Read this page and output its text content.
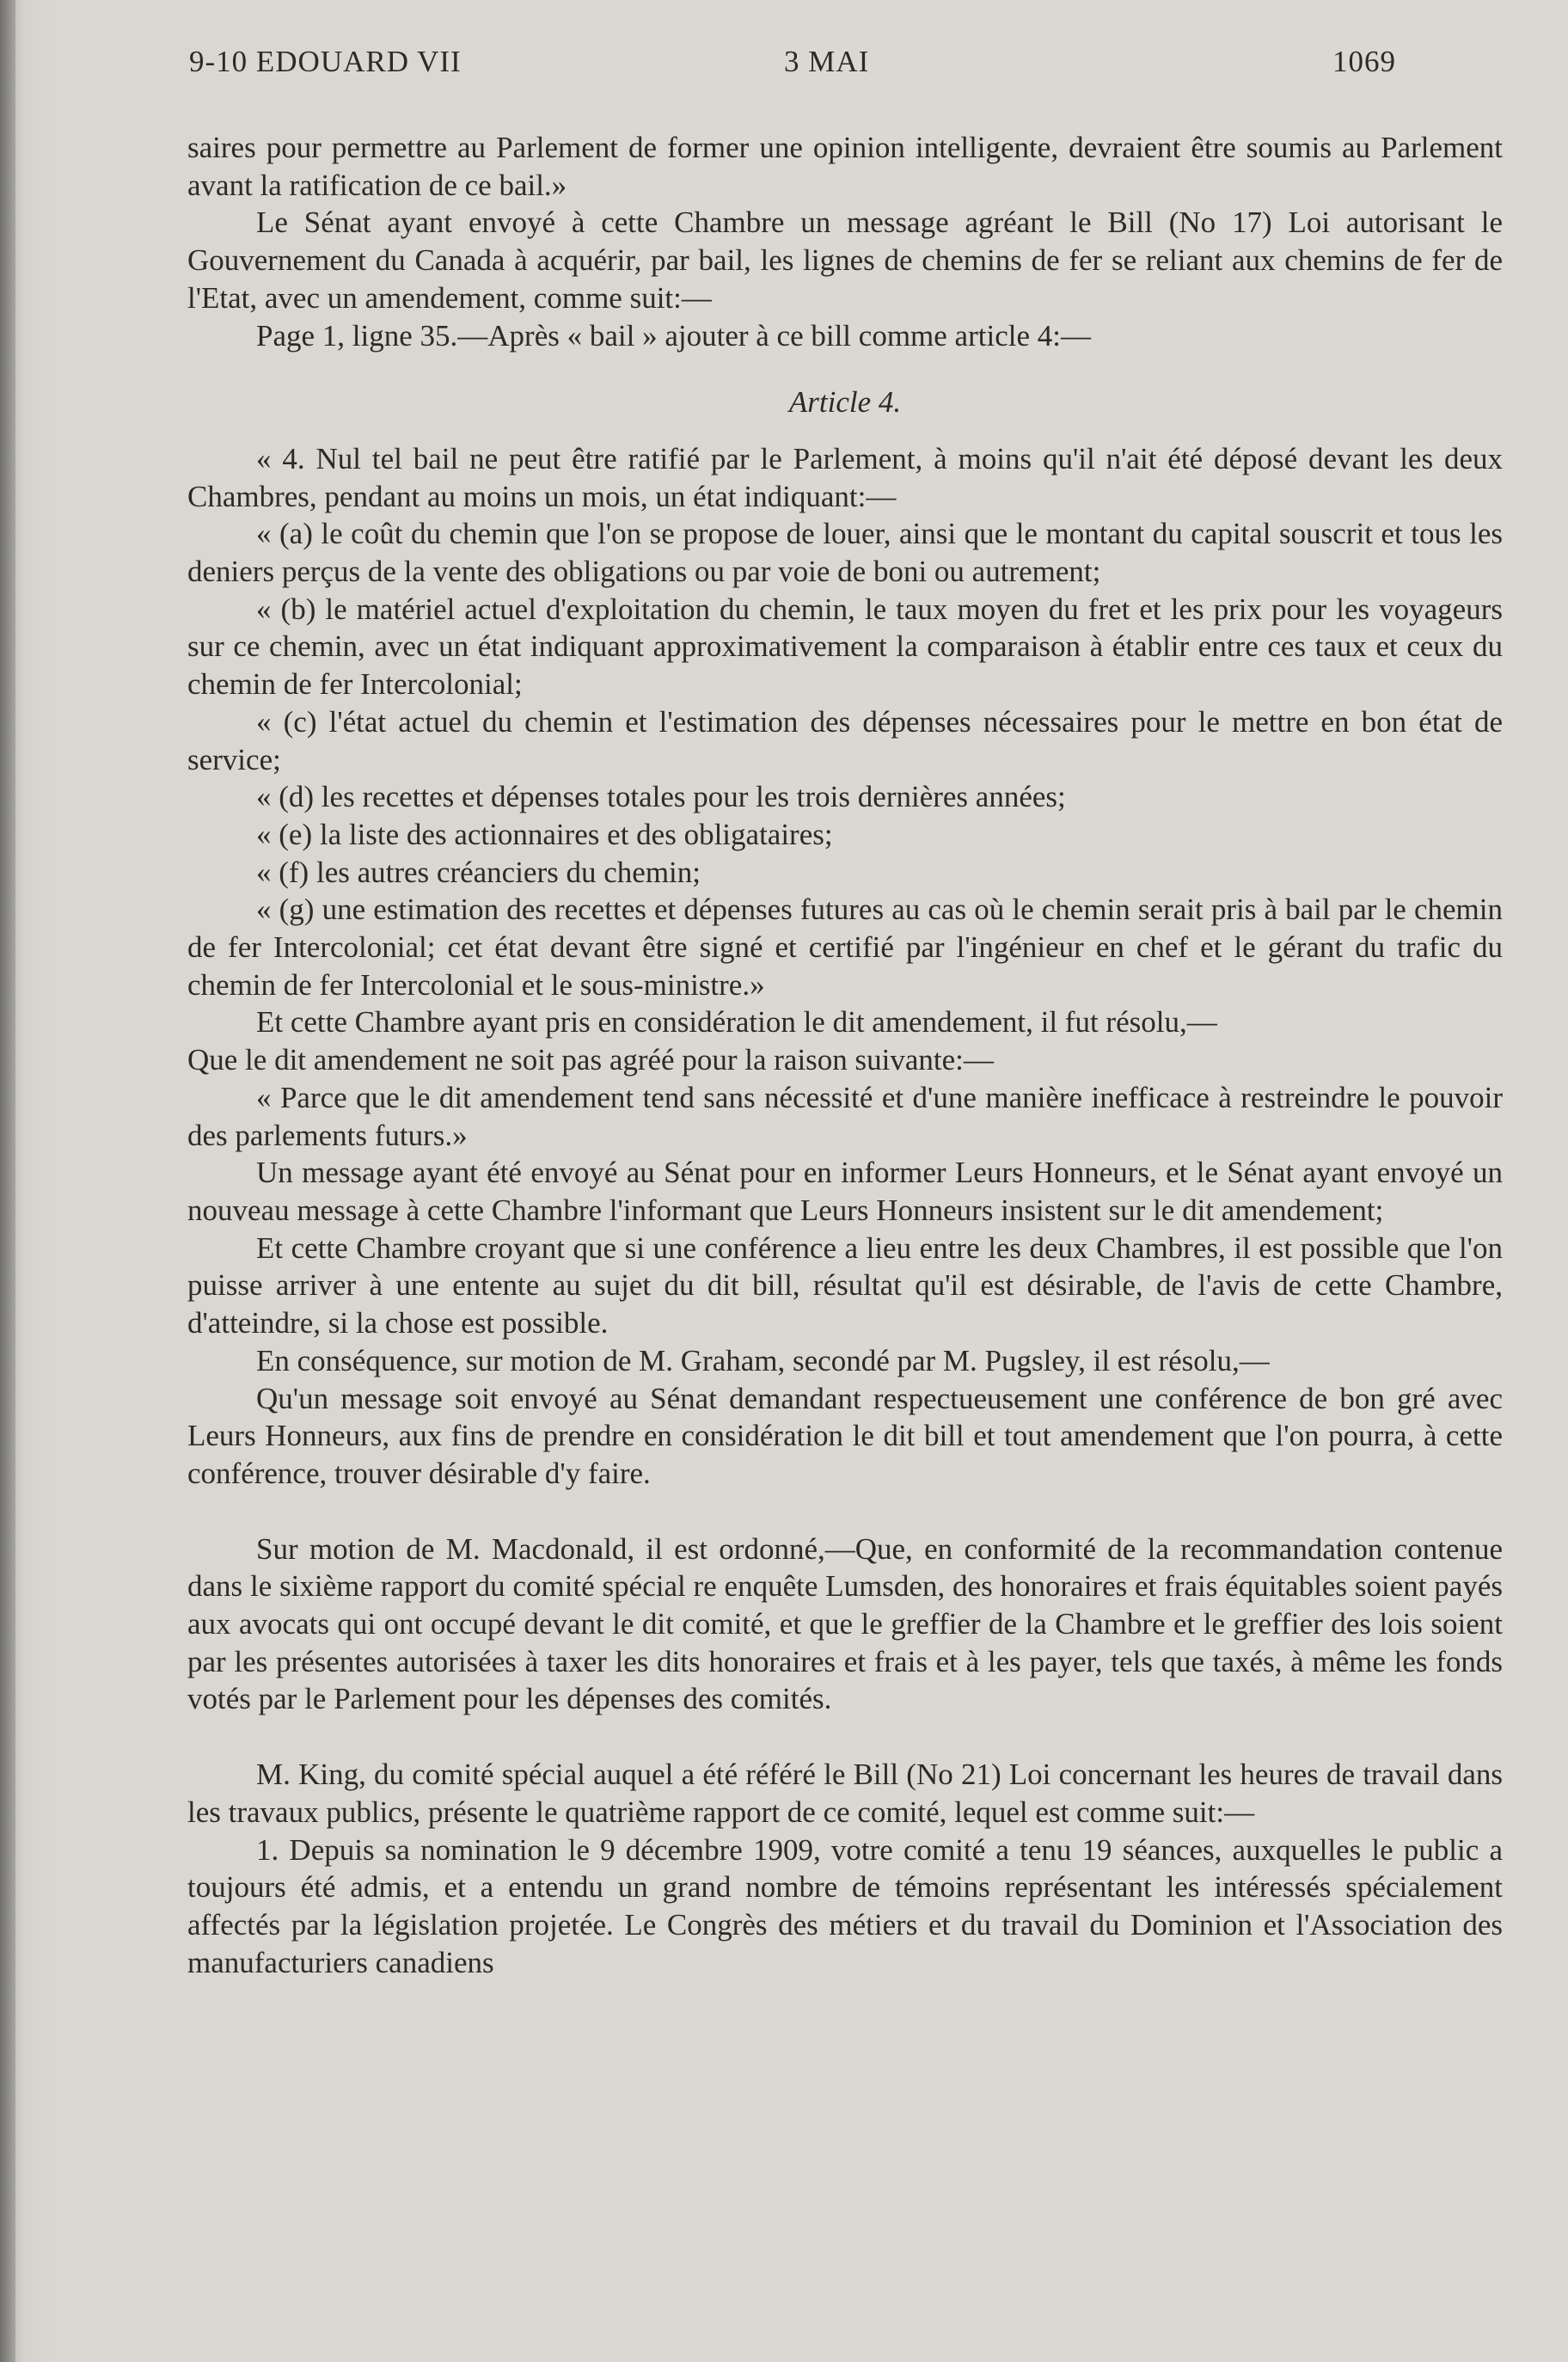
9-10 EDOUARD VII	3 MAI	1069

saires pour permettre au Parlement de former une opinion intelligente, devraient être soumis au Parlement avant la ratification de ce bail.»

Le Sénat ayant envoyé à cette Chambre un message agréant le Bill (No 17) Loi autorisant le Gouvernement du Canada à acquérir, par bail, les lignes de chemins de fer se reliant aux chemins de fer de l'Etat, avec un amendement, comme suit:—

Page 1, ligne 35.—Après « bail » ajouter à ce bill comme article 4:—

Article 4.

« 4. Nul tel bail ne peut être ratifié par le Parlement, à moins qu'il n'ait été déposé devant les deux Chambres, pendant au moins un mois, un état indiquant:—

« (a) le coût du chemin que l'on se propose de louer, ainsi que le montant du capital souscrit et tous les deniers perçus de la vente des obligations ou par voie de boni ou autrement;

« (b) le matériel actuel d'exploitation du chemin, le taux moyen du fret et les prix pour les voyageurs sur ce chemin, avec un état indiquant approximativement la comparaison à établir entre ces taux et ceux du chemin de fer Intercolonial;

« (c) l'état actuel du chemin et l'estimation des dépenses nécessaires pour le mettre en bon état de service;

« (d) les recettes et dépenses totales pour les trois dernières années;

« (e) la liste des actionnaires et des obligataires;

« (f) les autres créanciers du chemin;

« (g) une estimation des recettes et dépenses futures au cas où le chemin serait pris à bail par le chemin de fer Intercolonial; cet état devant être signé et certifié par l'ingénieur en chef et le gérant du trafic du chemin de fer Intercolonial et le sous-ministre.»

Et cette Chambre ayant pris en considération le dit amendement, il fut résolu,—

Que le dit amendement ne soit pas agréé pour la raison suivante:—

« Parce que le dit amendement tend sans nécessité et d'une manière inefficace à restreindre le pouvoir des parlements futurs.»

Un message ayant été envoyé au Sénat pour en informer Leurs Honneurs, et le Sénat ayant envoyé un nouveau message à cette Chambre l'informant que Leurs Honneurs insistent sur le dit amendement;

Et cette Chambre croyant que si une conférence a lieu entre les deux Chambres, il est possible que l'on puisse arriver à une entente au sujet du dit bill, résultat qu'il est désirable, de l'avis de cette Chambre, d'atteindre, si la chose est possible.

En conséquence, sur motion de M. Graham, secondé par M. Pugsley, il est résolu,—

Qu'un message soit envoyé au Sénat demandant respectueusement une conférence de bon gré avec Leurs Honneurs, aux fins de prendre en considération le dit bill et tout amendement que l'on pourra, à cette conférence, trouver désirable d'y faire.

Sur motion de M. Macdonald, il est ordonné,—Que, en conformité de la recommandation contenue dans le sixième rapport du comité spécial re enquête Lumsden, des honoraires et frais équitables soient payés aux avocats qui ont occupé devant le dit comité, et que le greffier de la Chambre et le greffier des lois soient par les présentes autorisées à taxer les dits honoraires et frais et à les payer, tels que taxés, à même les fonds votés par le Parlement pour les dépenses des comités.

M. King, du comité spécial auquel a été référé le Bill (No 21) Loi concernant les heures de travail dans les travaux publics, présente le quatrième rapport de ce comité, lequel est comme suit:—

1. Depuis sa nomination le 9 décembre 1909, votre comité a tenu 19 séances, auxquelles le public a toujours été admis, et a entendu un grand nombre de témoins représentant les intéressés spécialement affectés par la législation projetée. Le Congrès des métiers et du travail du Dominion et l'Association des manufacturiers canadiens
